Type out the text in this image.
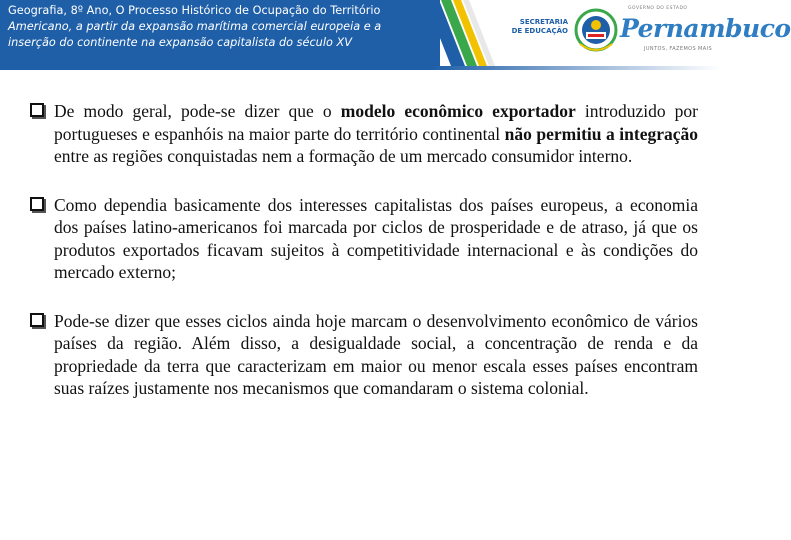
Geografia, 8º Ano, O Processo Histórico de Ocupação do Território
Americano, a partir da expansão marítima comercial europeia e a
inserção do continente na expansão capitalista do século XV
SECRETARIA
DE EDUCAÇÃO
GOVERNO DO ESTADO
Pernambuco
JUNTOS, FAZEMOS MAIS

De modo geral, pode-se dizer que o modelo econômico exportador introduzido por portugueses e espanhóis na maior parte do território continental não permitiu a integração entre as regiões conquistadas nem a formação de um mercado consumidor interno.

Como dependia basicamente dos interesses capitalistas dos países europeus, a economia dos países latino-americanos foi marcada por ciclos de prosperidade e de atraso, já que os produtos exportados ficavam sujeitos à competitividade internacional e às condições do mercado externo;

Pode-se dizer que esses ciclos ainda hoje marcam o desenvolvimento econômico de vários países da região. Além disso, a desigualdade social, a concentração de renda e da propriedade da terra que caracterizam em maior ou menor escala esses países encontram suas raízes justamente nos mecanismos que comandaram o sistema colonial.
